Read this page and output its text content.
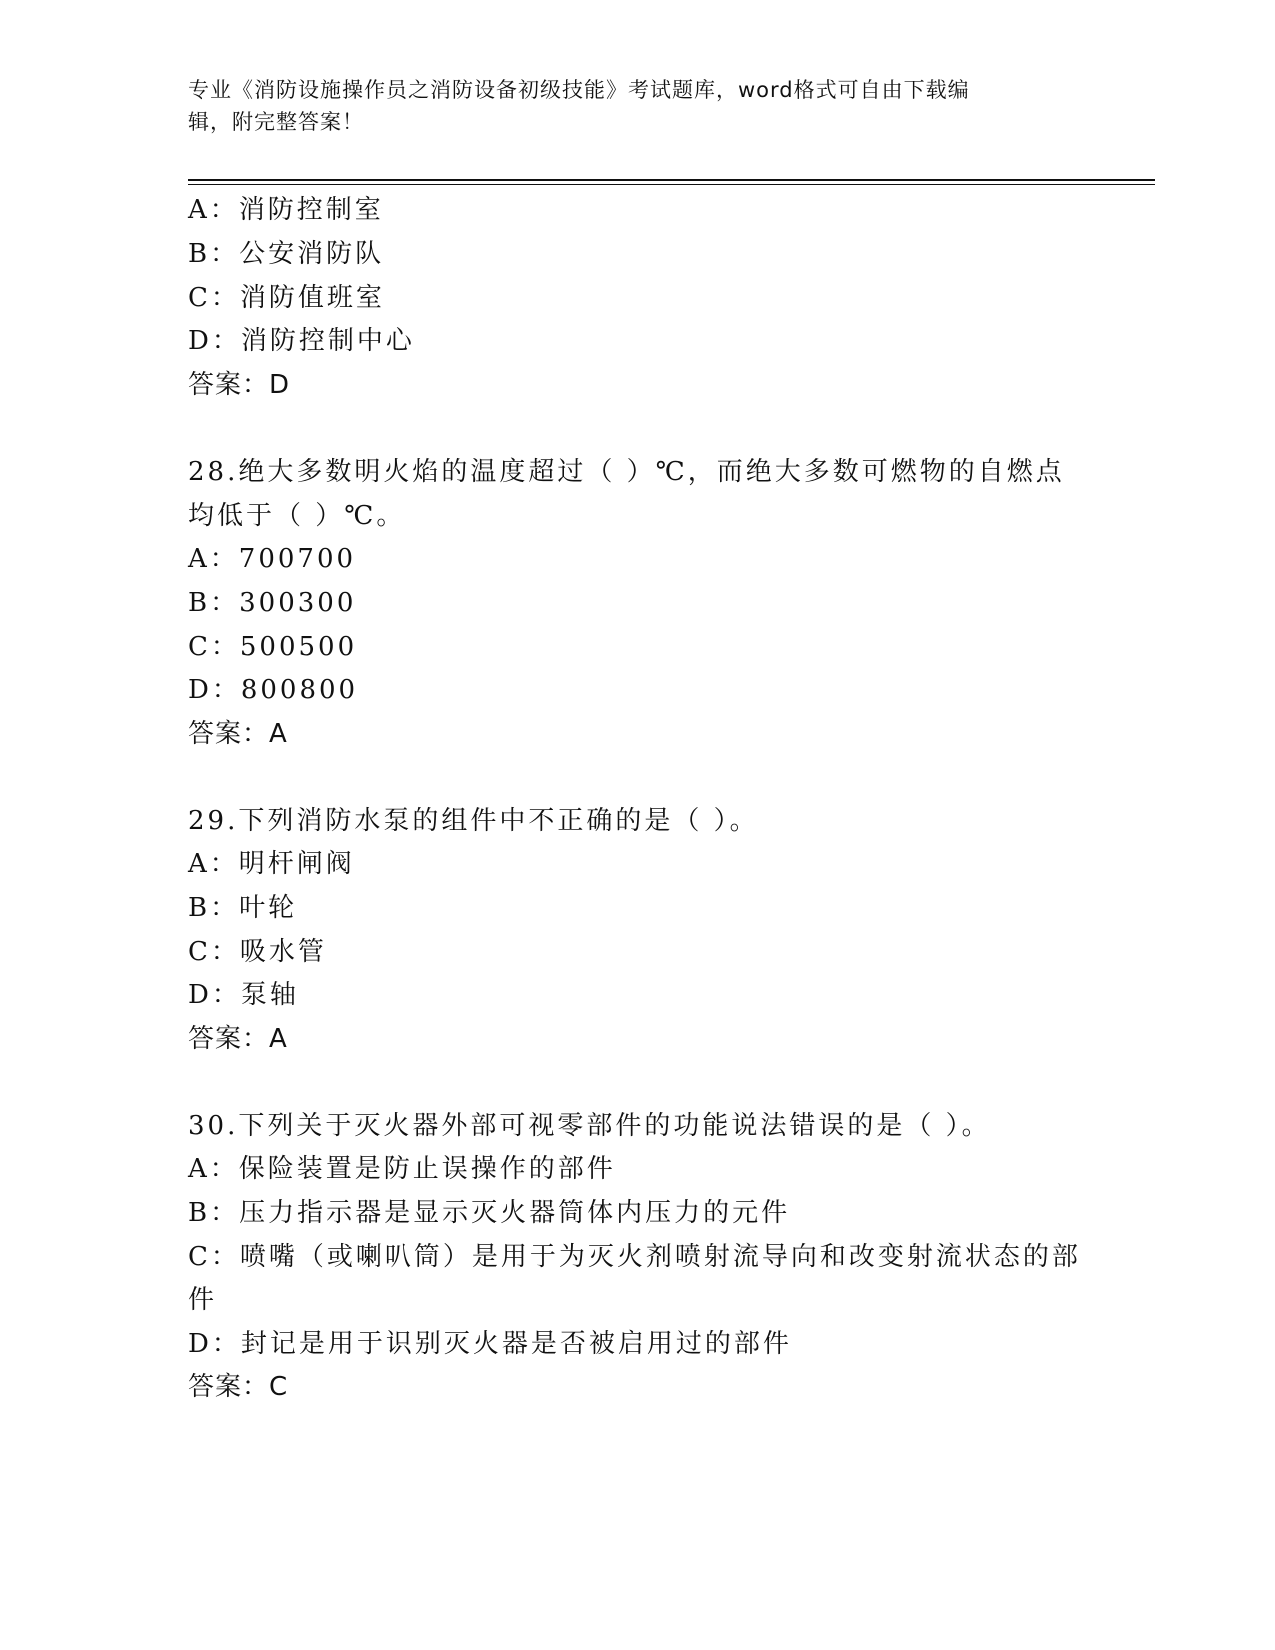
专业《消防设施操作员之消防设备初级技能》考试题库，word格式可自由下载编
辑，附完整答案！
A：消防控制室
B：公安消防队
C：消防值班室
D：消防控制中心
答案：D
28.绝大多数明火焰的温度超过（ ）℃，而绝大多数可燃物的自燃点
均低于（ ）℃。
A：700700
B：300300
C：500500
D：800800
答案：A
29.下列消防水泵的组件中不正确的是（ ）。
A：明杆闸阀
B：叶轮
C：吸水管
D：泵轴
答案：A
30.下列关于灭火器外部可视零部件的功能说法错误的是（ ）。
A：保险装置是防止误操作的部件
B：压力指示器是显示灭火器筒体内压力的元件
C：喷嘴（或喇叭筒）是用于为灭火剂喷射流导向和改变射流状态的部
件
D：封记是用于识别灭火器是否被启用过的部件
答案：C
